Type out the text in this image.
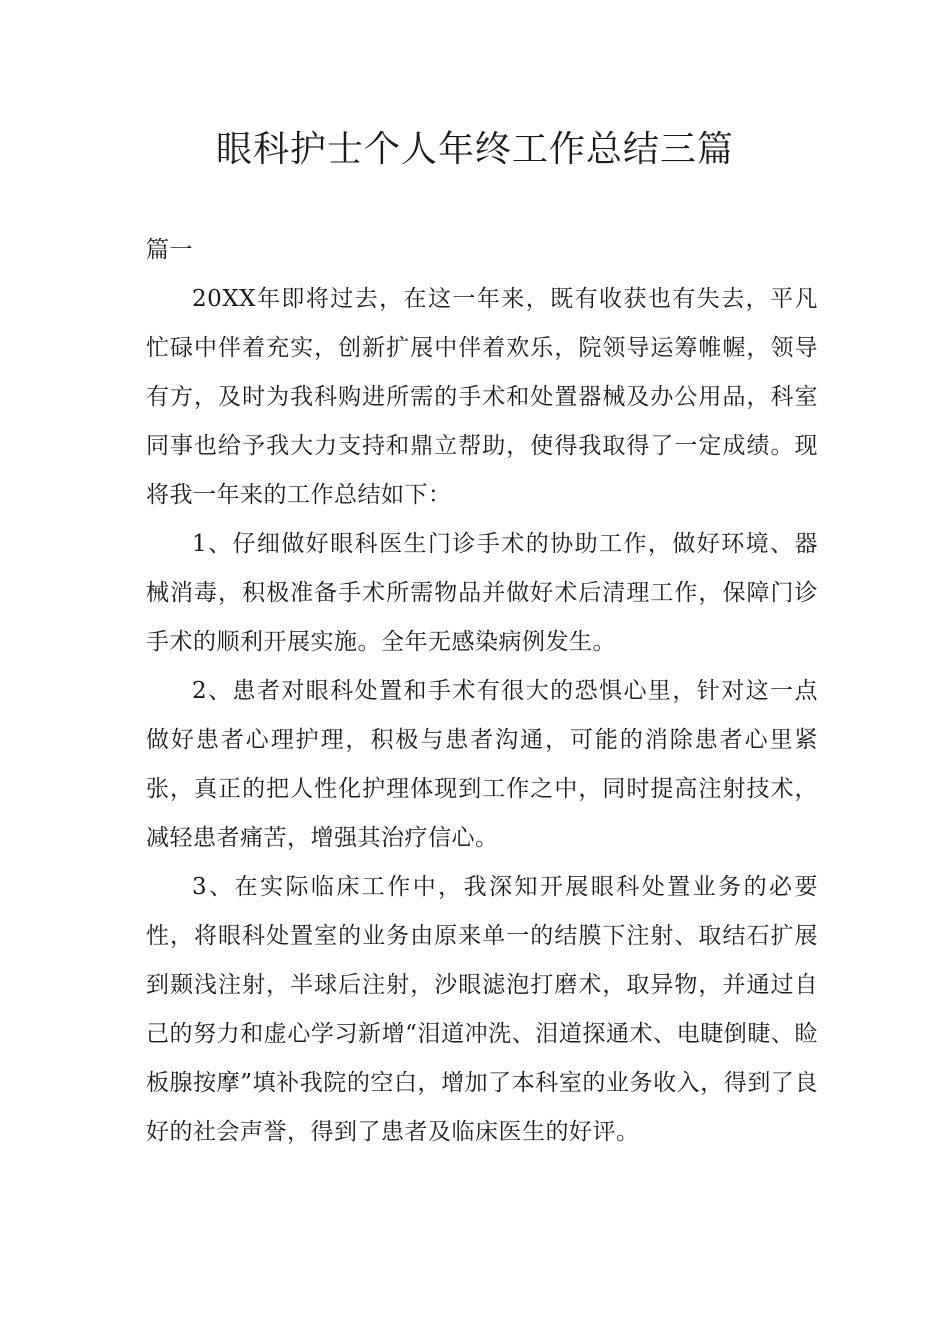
眼科护士个人年终工作总结三篇

篇一

20XX年即将过去，在这一年来，既有收获也有失去，平凡忙碌中伴着充实，创新扩展中伴着欢乐，院领导运筹帷幄，领导有方，及时为我科购进所需的手术和处置器械及办公用品，科室同事也给予我大力支持和鼎立帮助，使得我取得了一定成绩。现将我一年来的工作总结如下：

1、仔细做好眼科医生门诊手术的协助工作，做好环境、器械消毒，积极准备手术所需物品并做好术后清理工作，保障门诊手术的顺利开展实施。全年无感染病例发生。

2、患者对眼科处置和手术有很大的恐惧心里，针对这一点做好患者心理护理，积极与患者沟通，可能的消除患者心里紧张，真正的把人性化护理体现到工作之中，同时提高注射技术，减轻患者痛苦，增强其治疗信心。

3、在实际临床工作中，我深知开展眼科处置业务的必要性，将眼科处置室的业务由原来单一的结膜下注射、取结石扩展到颞浅注射，半球后注射，沙眼滤泡打磨术，取异物，并通过自己的努力和虚心学习新增“泪道冲洗、泪道探通术、电睫倒睫、睑板腺按摩”填补我院的空白，增加了本科室的业务收入，得到了良好的社会声誉，得到了患者及临床医生的好评。
